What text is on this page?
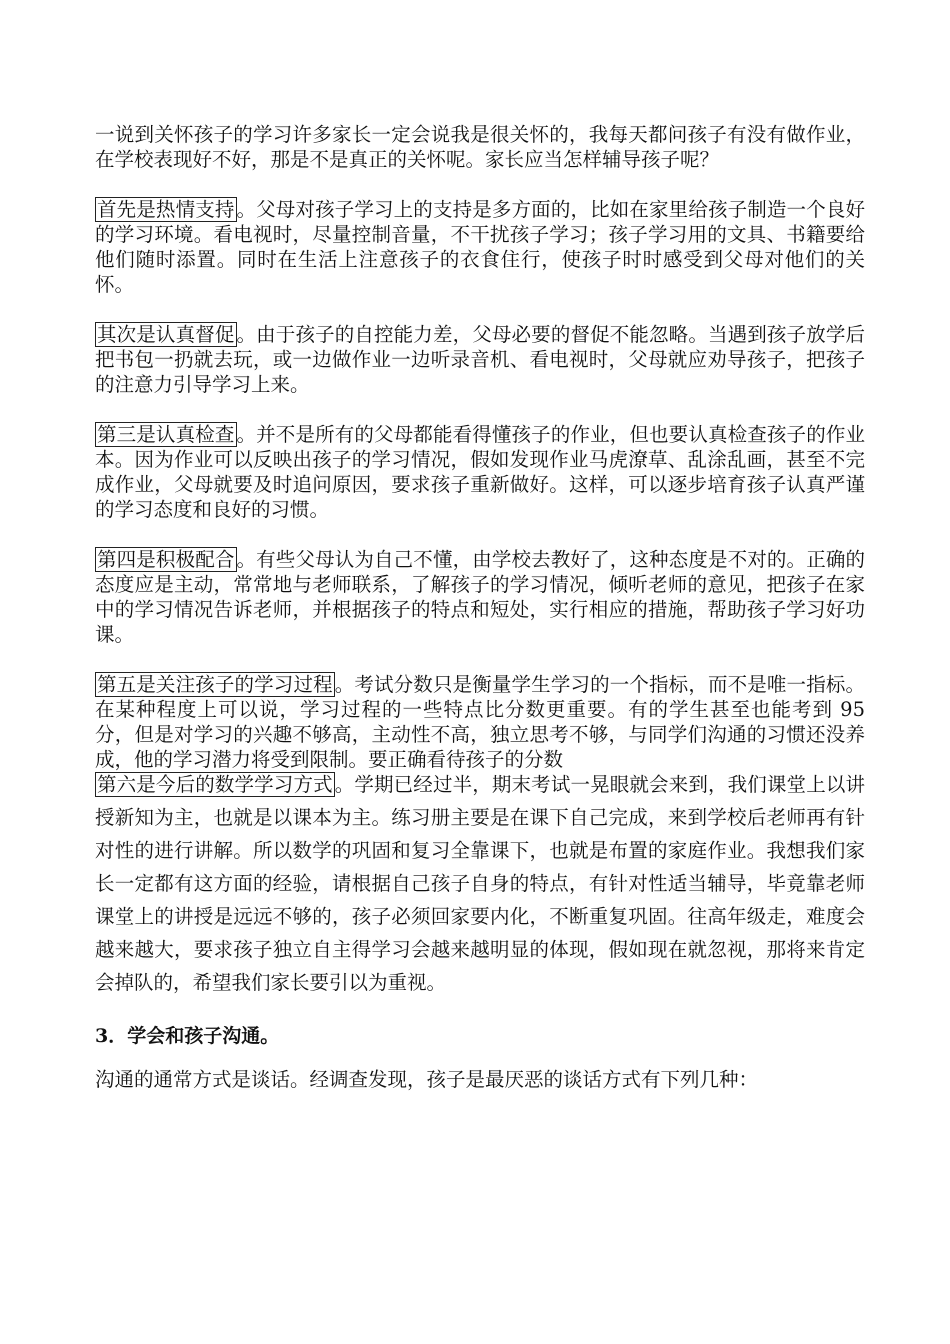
一说到关怀孩子的学习许多家长一定会说我是很关怀的，我每天都问孩子有没有做作业，在学校表现好不好，那是不是真正的关怀呢。家长应当怎样辅导孩子呢？

首先是热情支持 。父母对孩子学习上的支持是多方面的，比如在家里给孩子制造一个良好的学习环境。看电视时，尽量控制音量，不干扰孩子学习；孩子学习用的文具、书籍要给他们随时添置。同时在生活上注意孩子的衣食住行，使孩子时时感受到父母对他们的关怀。

其次是认真督促 。由于孩子的自控能力差，父母必要的督促不能忽略。当遇到孩子放学后把书包一扔就去玩，或一边做作业一边听录音机、看电视时，父母就应劝导孩子，把孩子的注意力引导学习上来。

第三是认真检查 。并不是所有的父母都能看得懂孩子的作业，但也要认真检查孩子的作业本。因为作业可以反映出孩子的学习情况，假如发现作业马虎潦草、乱涂乱画，甚至不完成作业，父母就要及时追问原因，要求孩子重新做好。这样，可以逐步培育孩子认真严谨的学习态度和良好的习惯。

第四是积极配合 。有些父母认为自己不懂，由学校去教好了，这种态度是不对的。正确的态度应是主动，常常地与老师联系，了解孩子的学习情况，倾听老师的意见，把孩子在家中的学习情况告诉老师，并根据孩子的特点和短处，实行相应的措施，帮助孩子学习好功课。

第五是关注孩子的学习过程 。考试分数只是衡量学生学习的一个指标，而不是唯一指标。在某种程度上可以说，学习过程的一些特点比分数更重要。有的学生甚至也能考到 95 分，但是对学习的兴趣不够高，主动性不高，独立思考不够，与同学们沟通的习惯还没养成，他的学习潜力将受到限制。要正确看待孩子的分数

第六是今后的数学学习方式 。学期已经过半，期末考试一晃眼就会来到，我们课堂上以讲授新知为主，也就是以课本为主。练习册主要是在课下自己完成，来到学校后老师再有针对性的进行讲解。所以数学的巩固和复习全靠课下，也就是布置的家庭作业。我想我们家长一定都有这方面的经验，请根据自己孩子自身的特点，有针对性适当辅导，毕竟靠老师课堂上的讲授是远远不够的，孩子必须回家要内化，不断重复巩固。往高年级走，难度会越来越大，要求孩子独立自主得学习会越来越明显的体现，假如现在就忽视，那将来肯定会掉队的，希望我们家长要引以为重视。

3．学会和孩子沟通。

沟通的通常方式是谈话。经调查发现，孩子是最厌恶的谈话方式有下列几种：
